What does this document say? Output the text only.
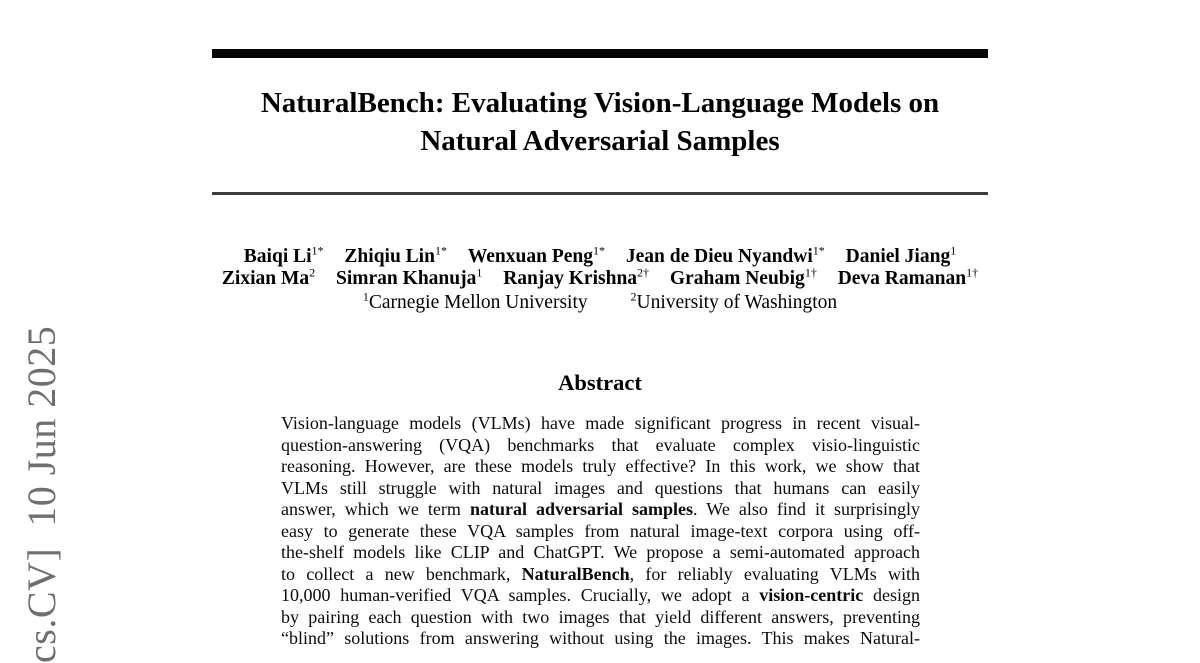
cs.CV]  10 Jun 2025
NaturalBench: Evaluating Vision-Language Models on
Natural Adversarial Samples
Baiqi $Li^{1*}$ Zhiqiu Lin$^{1*}$ Wenxuan Peng$^{1*}$ Jean de Dieu Nyandwi$^{1*}$ Daniel Jiang$^1$
Zixian Ma$^2$ Simran Khanuja$^1$ Ranjay Krishna$^{2\dagger}$ Graham Neubig$^{1\dagger}$ Deva Ramanan$^{1\dagger}$
$^1$Carnegie Mellon University	$^2$University of Washington
Abstract
Vision-language models (VLMs) have made significant progress in recent visual-
question-answering (VQA) benchmarks that evaluate complex visio-linguistic
reasoning. However, are these models truly effective? In this work, we show that
VLMs still struggle with natural images and questions that humans can easily
answer, which we term natural adversarial samples. We also find it surprisingly
easy to generate these VQA samples from natural image-text corpora using off-
the-shelf models like CLIP and ChatGPT. We propose a semi-automated approach
to collect a new benchmark, NaturalBench, for reliably evaluating VLMs with
10,000 human-verified VQA samples. Crucially, we adopt a vision-centric design
by pairing each question with two images that yield different answers, preventing
“blind” solutions from answering without using the images. This makes Natural-
